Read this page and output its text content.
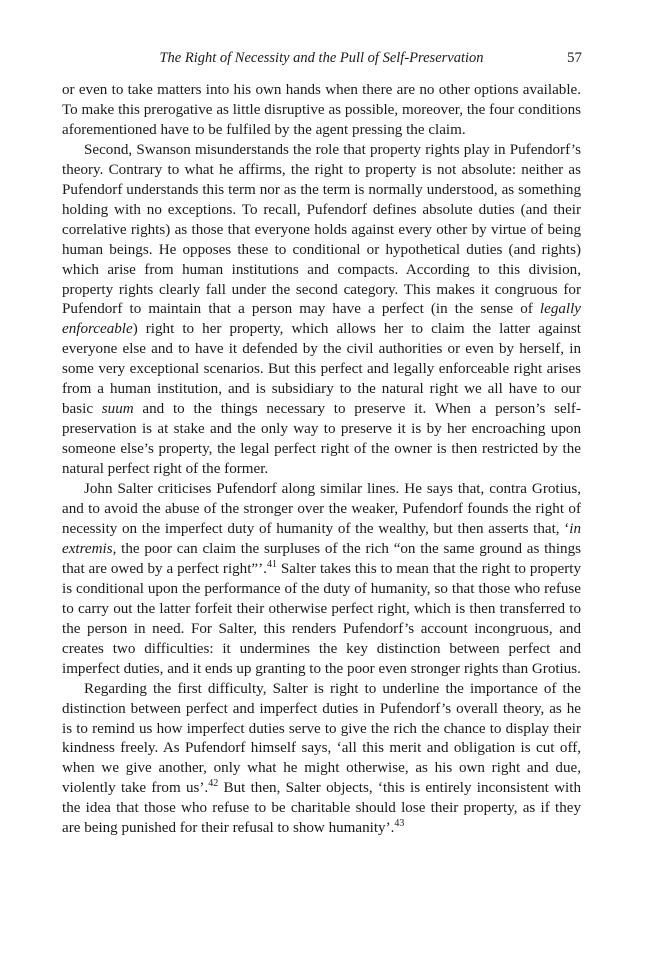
The Right of Necessity and the Pull of Self-Preservation	57

or even to take matters into his own hands when there are no other options available. To make this prerogative as little disruptive as possible, moreover, the four conditions aforementioned have to be fulfiled by the agent pressing the claim.

Second, Swanson misunderstands the role that property rights play in Pufendorf’s theory. Contrary to what he affirms, the right to property is not absolute: neither as Pufendorf understands this term nor as the term is normally understood, as something holding with no exceptions. To recall, Pufendorf defines absolute duties (and their correlative rights) as those that everyone holds against every other by virtue of being human beings. He opposes these to conditional or hypothetical duties (and rights) which arise from human institutions and compacts. According to this division, property rights clearly fall under the second category. This makes it congruous for Pufendorf to maintain that a person may have a perfect (in the sense of legally enforceable) right to her property, which allows her to claim the latter against everyone else and to have it defended by the civil authorities or even by herself, in some very exceptional scenarios. But this perfect and legally enforceable right arises from a human institution, and is subsidiary to the natural right we all have to our basic suum and to the things necessary to preserve it. When a person’s self-preservation is at stake and the only way to preserve it is by her encroaching upon someone else’s property, the legal perfect right of the owner is then restricted by the natural perfect right of the former.

John Salter criticises Pufendorf along similar lines. He says that, contra Grotius, and to avoid the abuse of the stronger over the weaker, Pufendorf founds the right of necessity on the imperfect duty of humanity of the wealthy, but then asserts that, ‘in extremis, the poor can claim the surpluses of the rich “on the same ground as things that are owed by a perfect right”’.$^{41}$ Salter takes this to mean that the right to property is conditional upon the performance of the duty of humanity, so that those who refuse to carry out the latter forfeit their otherwise perfect right, which is then transferred to the person in need. For Salter, this renders Pufendorf’s account incongruous, and creates two difficulties: it undermines the key distinction between perfect and imperfect duties, and it ends up granting to the poor even stronger rights than Grotius.

Regarding the first difficulty, Salter is right to underline the importance of the distinction between perfect and imperfect duties in Pufendorf’s overall theory, as he is to remind us how imperfect duties serve to give the rich the chance to display their kindness freely. As Pufendorf himself says, ‘all this merit and obligation is cut off, when we give another, only what he might otherwise, as his own right and due, violently take from us’.$^{42}$ But then, Salter objects, ‘this is entirely inconsistent with the idea that those who refuse to be charitable should lose their property, as if they are being punished for their refusal to show humanity’.$^{43}$
